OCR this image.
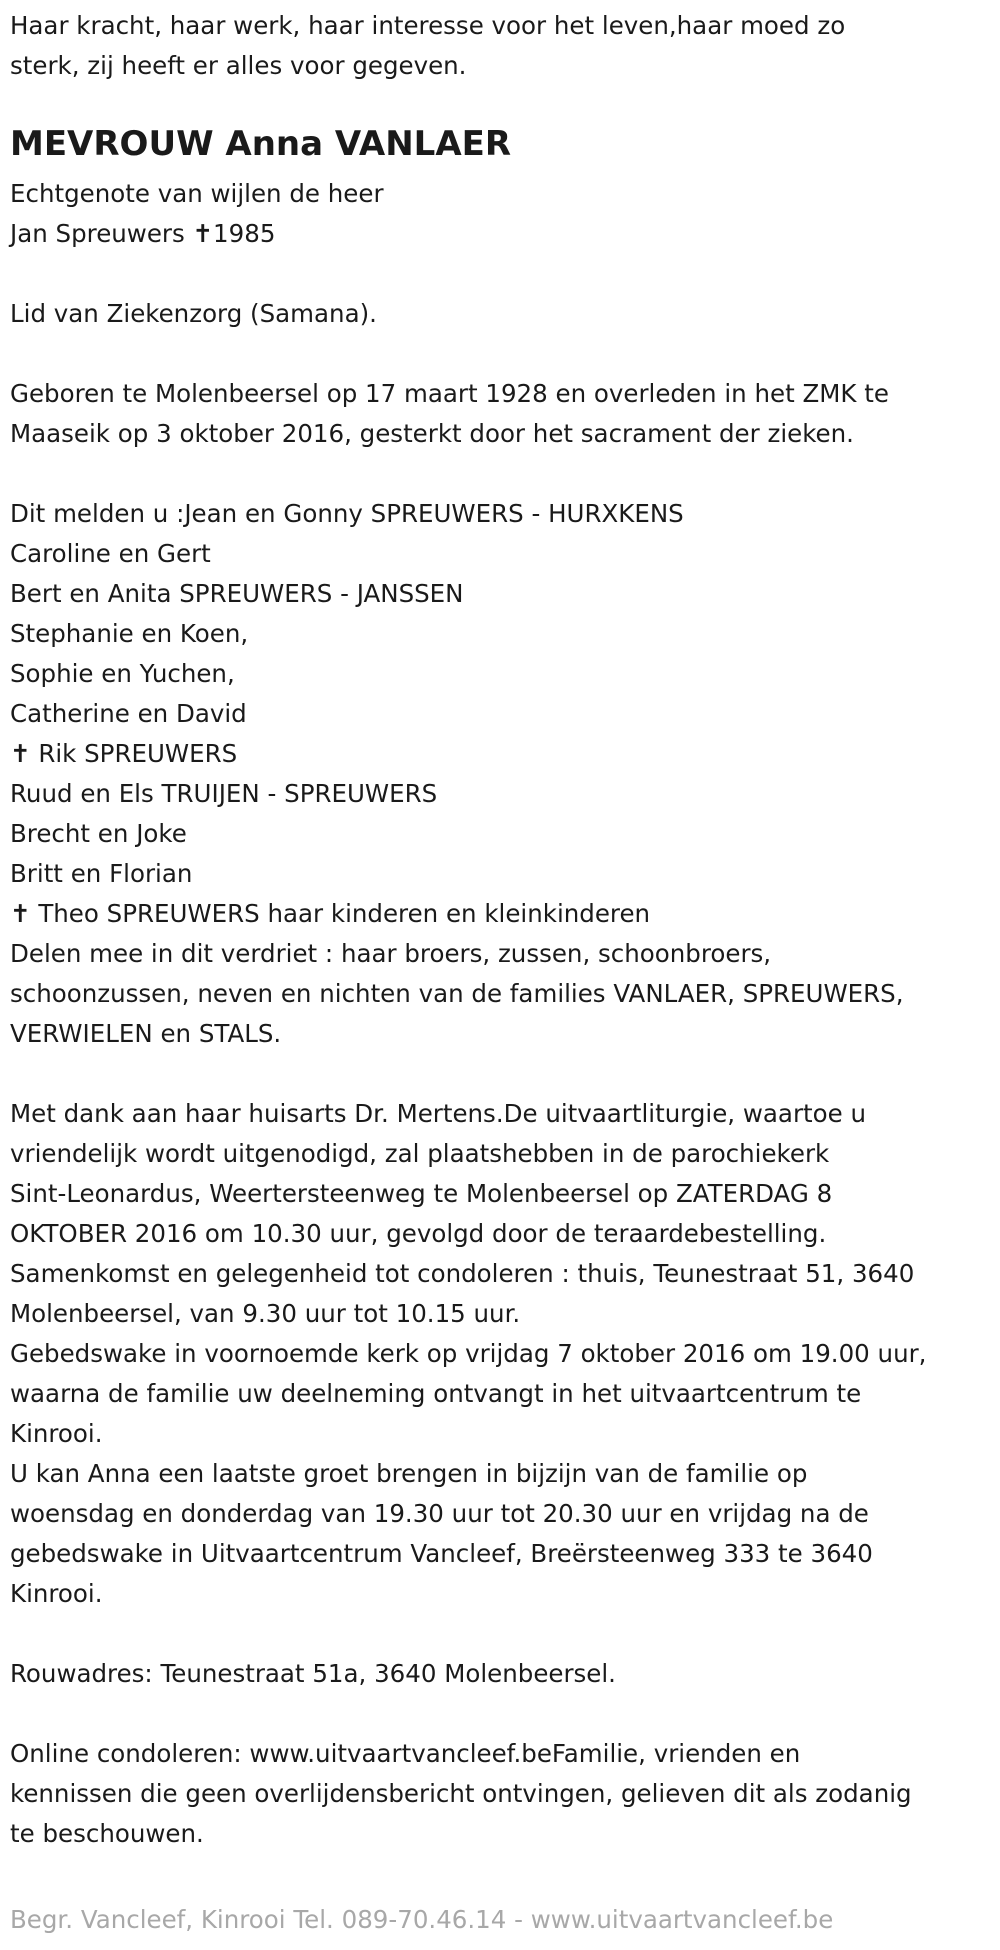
Haar kracht, haar werk, haar interesse voor het leven,haar moed zo

sterk, zij heeft er alles voor gegeven.

MEVROUW Anna VANLAER

Echtgenote van wijlen de heer

Jan Spreuwers ✝1985

Lid van Ziekenzorg (Samana).

Geboren te Molenbeersel op 17 maart 1928 en overleden in het ZMK te

Maaseik op 3 oktober 2016, gesterkt door het sacrament der zieken.

Dit melden u :Jean en Gonny SPREUWERS - HURXKENS

Caroline en Gert

Bert en Anita SPREUWERS - JANSSEN

Stephanie en Koen,

Sophie en Yuchen,

Catherine en David

✝ Rik SPREUWERS

Ruud en Els TRUIJEN - SPREUWERS

Brecht en Joke

Britt en Florian

✝ Theo SPREUWERS haar kinderen en kleinkinderen

Delen mee in dit verdriet : haar broers, zussen, schoonbroers,

schoonzussen, neven en nichten van de families VANLAER, SPREUWERS,

VERWIELEN en STALS.

Met dank aan haar huisarts Dr. Mertens.De uitvaartliturgie, waartoe u

vriendelijk wordt uitgenodigd, zal plaatshebben in de parochiekerk

Sint-Leonardus, Weertersteenweg te Molenbeersel op ZATERDAG 8

OKTOBER 2016 om 10.30 uur, gevolgd door de teraardebestelling.

Samenkomst en gelegenheid tot condoleren : thuis, Teunestraat 51, 3640

Molenbeersel, van 9.30 uur tot 10.15 uur.

Gebedswake in voornoemde kerk op vrijdag 7 oktober 2016 om 19.00 uur,

waarna de familie uw deelneming ontvangt in het uitvaartcentrum te

Kinrooi.

U kan Anna een laatste groet brengen in bijzijn van de familie op

woensdag en donderdag van 19.30 uur tot 20.30 uur en vrijdag na de

gebedswake in Uitvaartcentrum Vancleef, Breërsteenweg 333 te 3640

Kinrooi.

Rouwadres: Teunestraat 51a, 3640 Molenbeersel.

Online condoleren: www.uitvaartvancleef.beFamilie, vrienden en

kennissen die geen overlijdensbericht ontvingen, gelieven dit als zodanig

te beschouwen.

Begr. Vancleef, Kinrooi Tel. 089-70.46.14 - www.uitvaartvancleef.be
